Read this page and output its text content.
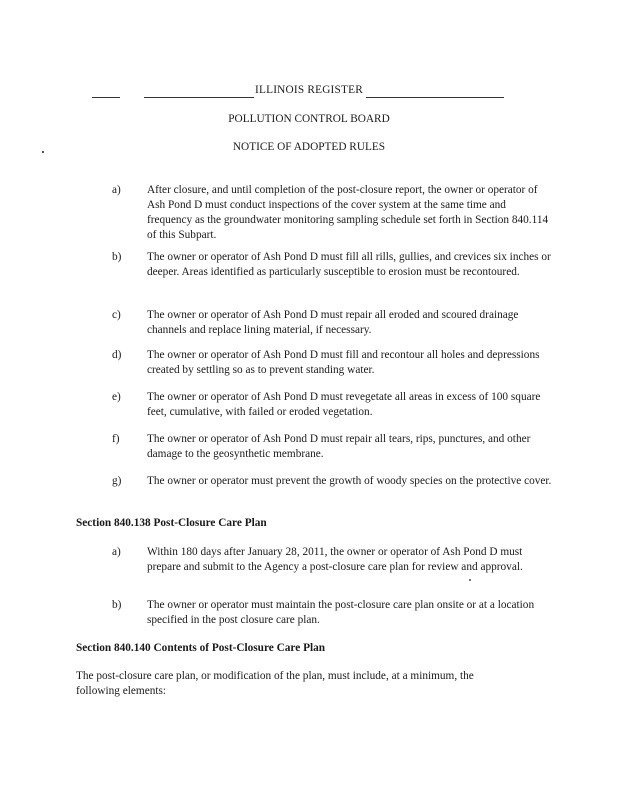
ILLINOIS REGISTER
POLLUTION CONTROL BOARD
NOTICE OF ADOPTED RULES
a) After closure, and until completion of the post-closure report, the owner or operator of Ash Pond D must conduct inspections of the cover system at the same time and frequency as the groundwater monitoring sampling schedule set forth in Section 840.114 of this Subpart.
b) The owner or operator of Ash Pond D must fill all rills, gullies, and crevices six inches or deeper. Areas identified as particularly susceptible to erosion must be recontoured.
c) The owner or operator of Ash Pond D must repair all eroded and scoured drainage channels and replace lining material, if necessary.
d) The owner or operator of Ash Pond D must fill and recontour all holes and depressions created by settling so as to prevent standing water.
e) The owner or operator of Ash Pond D must revegetate all areas in excess of 100 square feet, cumulative, with failed or eroded vegetation.
f) The owner or operator of Ash Pond D must repair all tears, rips, punctures, and other damage to the geosynthetic membrane.
g) The owner or operator must prevent the growth of woody species on the protective cover.
Section 840.138 Post-Closure Care Plan
a) Within 180 days after January 28, 2011, the owner or operator of Ash Pond D must prepare and submit to the Agency a post-closure care plan for review and approval.
b) The owner or operator must maintain the post-closure care plan onsite or at a location specified in the post closure care plan.
Section 840.140 Contents of Post-Closure Care Plan
The post-closure care plan, or modification of the plan, must include, at a minimum, the following elements:
